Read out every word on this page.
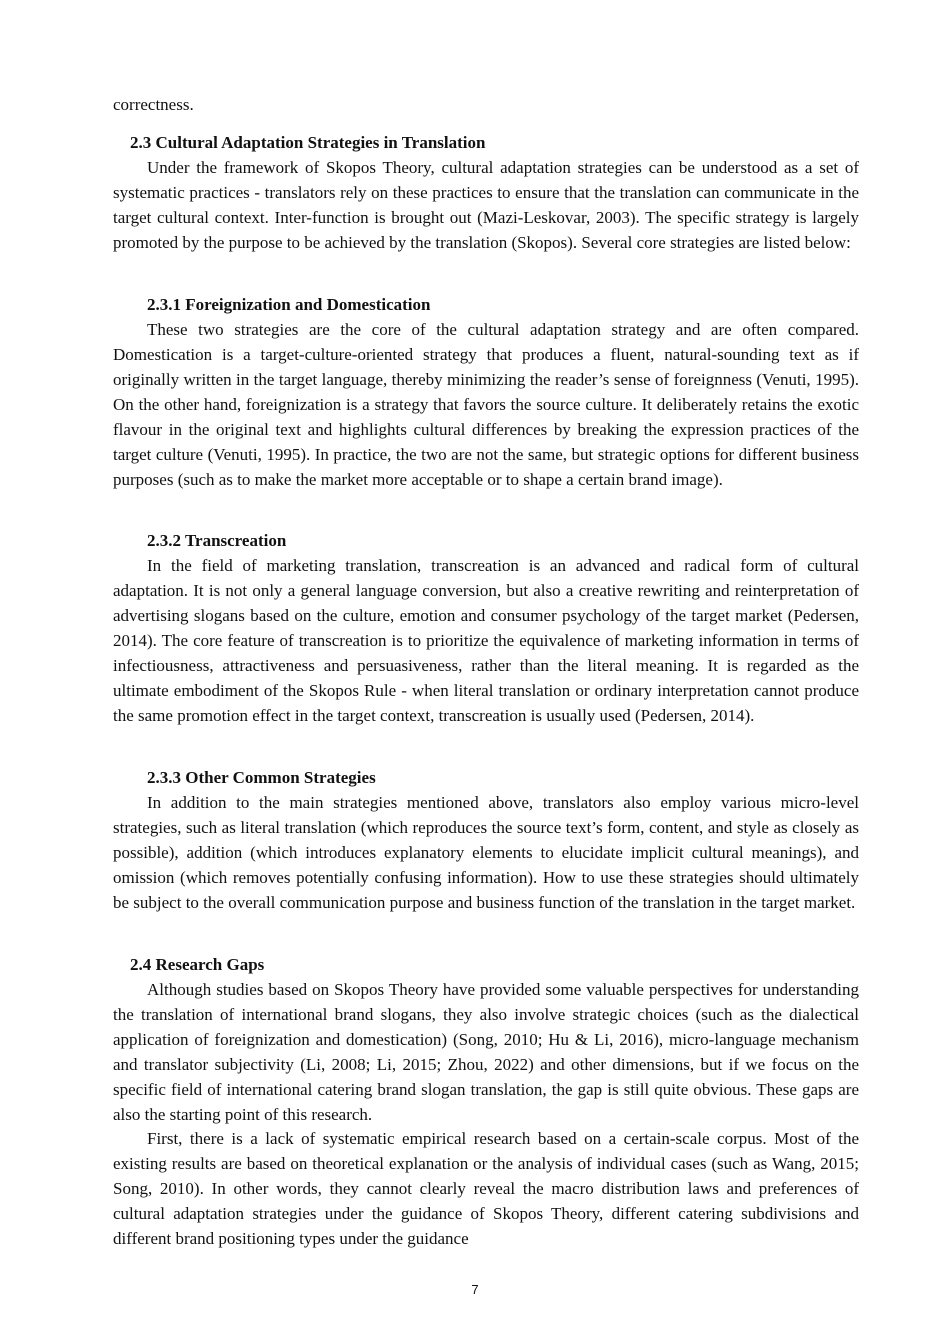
correctness.

2.3 Cultural Adaptation Strategies in Translation

Under the framework of Skopos Theory, cultural adaptation strategies can be understood as a set of systematic practices - translators rely on these practices to ensure that the translation can communicate in the target cultural context. Inter-function is brought out (Mazi-Leskovar, 2003). The specific strategy is largely promoted by the purpose to be achieved by the translation (Skopos). Several core strategies are listed below:

2.3.1 Foreignization and Domestication

These two strategies are the core of the cultural adaptation strategy and are often compared. Domestication is a target-culture-oriented strategy that produces a fluent, natural-sounding text as if originally written in the target language, thereby minimizing the reader’s sense of foreignness (Venuti, 1995). On the other hand, foreignization is a strategy that favors the source culture. It deliberately retains the exotic flavour in the original text and highlights cultural differences by breaking the expression practices of the target culture (Venuti, 1995). In practice, the two are not the same, but strategic options for different business purposes (such as to make the market more acceptable or to shape a certain brand image).

2.3.2 Transcreation

In the field of marketing translation, transcreation is an advanced and radical form of cultural adaptation. It is not only a general language conversion, but also a creative rewriting and reinterpretation of advertising slogans based on the culture, emotion and consumer psychology of the target market (Pedersen, 2014). The core feature of transcreation is to prioritize the equivalence of marketing information in terms of infectiousness, attractiveness and persuasiveness, rather than the literal meaning. It is regarded as the ultimate embodiment of the Skopos Rule - when literal translation or ordinary interpretation cannot produce the same promotion effect in the target context, transcreation is usually used (Pedersen, 2014).

2.3.3 Other Common Strategies

In addition to the main strategies mentioned above, translators also employ various micro-level strategies, such as literal translation (which reproduces the source text’s form, content, and style as closely as possible), addition (which introduces explanatory elements to elucidate implicit cultural meanings), and omission (which removes potentially confusing information). How to use these strategies should ultimately be subject to the overall communication purpose and business function of the translation in the target market.

2.4 Research Gaps

Although studies based on Skopos Theory have provided some valuable perspectives for understanding the translation of international brand slogans, they also involve strategic choices (such as the dialectical application of foreignization and domestication) (Song, 2010; Hu & Li, 2016), micro-language mechanism and translator subjectivity (Li, 2008; Li, 2015; Zhou, 2022) and other dimensions, but if we focus on the specific field of international catering brand slogan translation, the gap is still quite obvious. These gaps are also the starting point of this research.

First, there is a lack of systematic empirical research based on a certain-scale corpus. Most of the existing results are based on theoretical explanation or the analysis of individual cases (such as Wang, 2015; Song, 2010). In other words, they cannot clearly reveal the macro distribution laws and preferences of cultural adaptation strategies under the guidance of Skopos Theory, different catering subdivisions and different brand positioning types under the guidance

7
